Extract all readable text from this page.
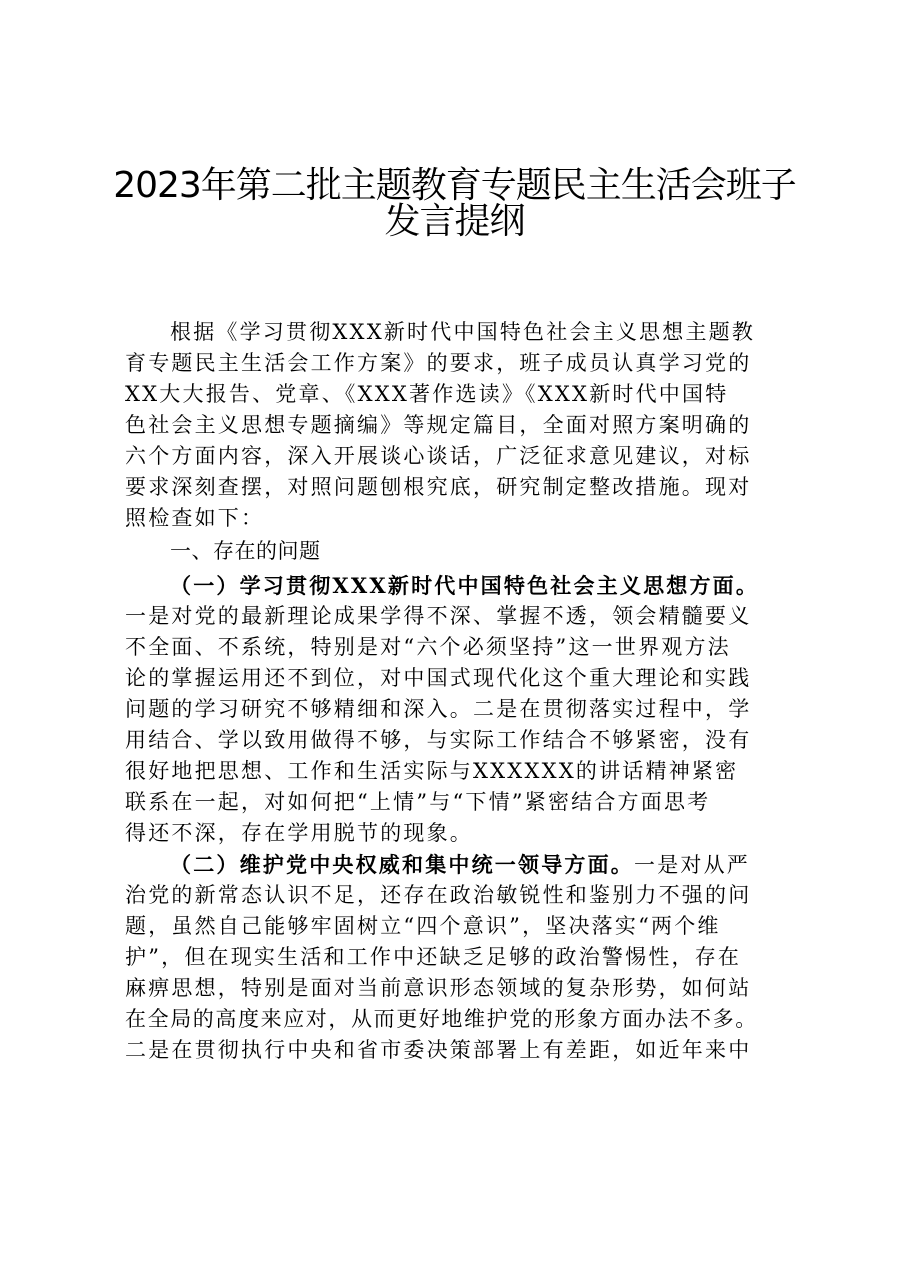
2023年第二批主题教育专题民主生活会班子
发言提纲
根据《学习贯彻XXX新时代中国特色社会主义思想主题教
育专题民主生活会工作方案》的要求，班子成员认真学习党的
XX大大报告、党章、《XXX著作选读》《XXX新时代中国特
色社会主义思想专题摘编》等规定篇目，全面对照方案明确的
六个方面内容，深入开展谈心谈话，广泛征求意见建议，对标
要求深刻查摆，对照问题刨根究底，研究制定整改措施。现对
照检查如下：
一、存在的问题
（一）学习贯彻XXX新时代中国特色社会主义思想方面。
一是对党的最新理论成果学得不深、掌握不透，领会精髓要义
不全面、不系统，特别是对“六个必须坚持”这一世界观方法
论的掌握运用还不到位，对中国式现代化这个重大理论和实践
问题的学习研究不够精细和深入。二是在贯彻落实过程中，学
用结合、学以致用做得不够，与实际工作结合不够紧密，没有
很好地把思想、工作和生活实际与XXXXXX的讲话精神紧密
联系在一起，对如何把“上情”与“下情”紧密结合方面思考
得还不深，存在学用脱节的现象。
（二）维护党中央权威和集中统一领导方面。一是对从严
治党的新常态认识不足，还存在政治敏锐性和鉴别力不强的问
题，虽然自己能够牢固树立“四个意识”，坚决落实“两个维
护”，但在现实生活和工作中还缺乏足够的政治警惕性，存在
麻痹思想，特别是面对当前意识形态领域的复杂形势，如何站
在全局的高度来应对，从而更好地维护党的形象方面办法不多。
二是在贯彻执行中央和省市委决策部署上有差距，如近年来中
